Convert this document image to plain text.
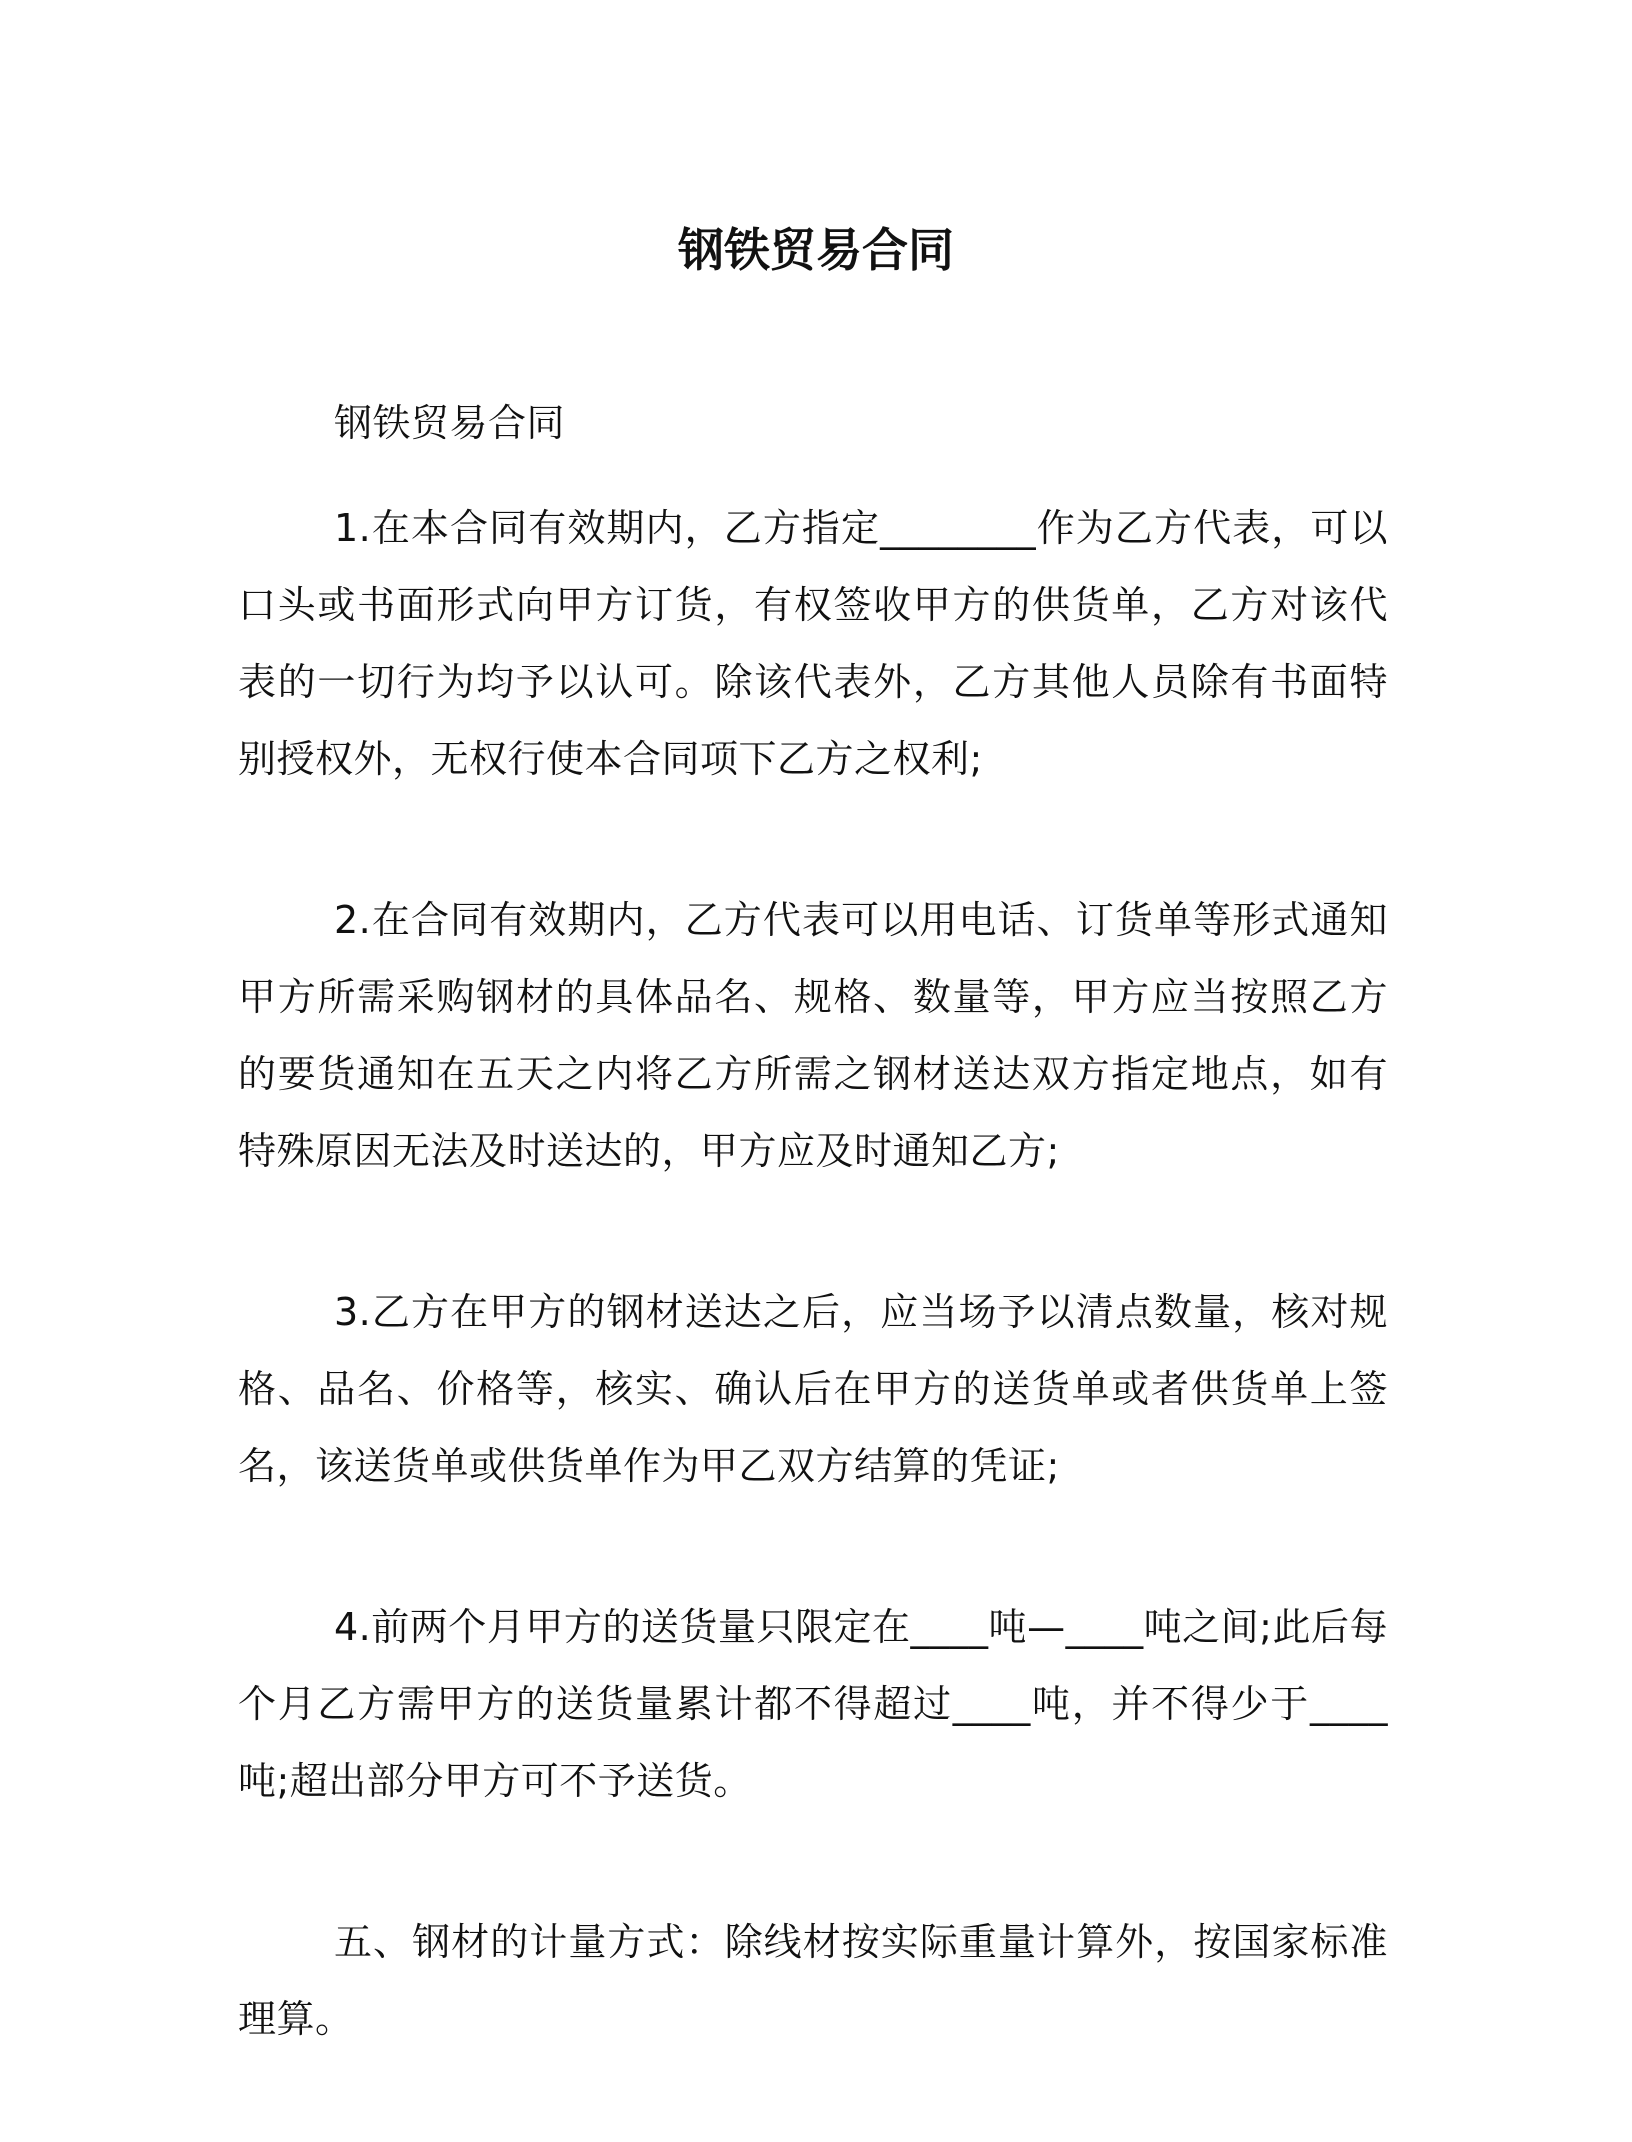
钢铁贸易合同

钢铁贸易合同

1.在本合同有效期内，乙方指定________作为乙方代表，可以口头或书面形式向甲方订货，有权签收甲方的供货单，乙方对该代表的一切行为均予以认可。除该代表外，乙方其他人员除有书面特别授权外，无权行使本合同项下乙方之权利;

2.在合同有效期内，乙方代表可以用电话、订货单等形式通知甲方所需采购钢材的具体品名、规格、数量等，甲方应当按照乙方的要货通知在五天之内将乙方所需之钢材送达双方指定地点，如有特殊原因无法及时送达的，甲方应及时通知乙方;

3.乙方在甲方的钢材送达之后，应当场予以清点数量，核对规格、品名、价格等，核实、确认后在甲方的送货单或者供货单上签名，该送货单或供货单作为甲乙双方结算的凭证;

4.前两个月甲方的送货量只限定在____吨—____吨之间;此后每个月乙方需甲方的送货量累计都不得超过____吨，并不得少于____吨;超出部分甲方可不予送货。

五、钢材的计量方式：除线材按实际重量计算外，按国家标准理算。
